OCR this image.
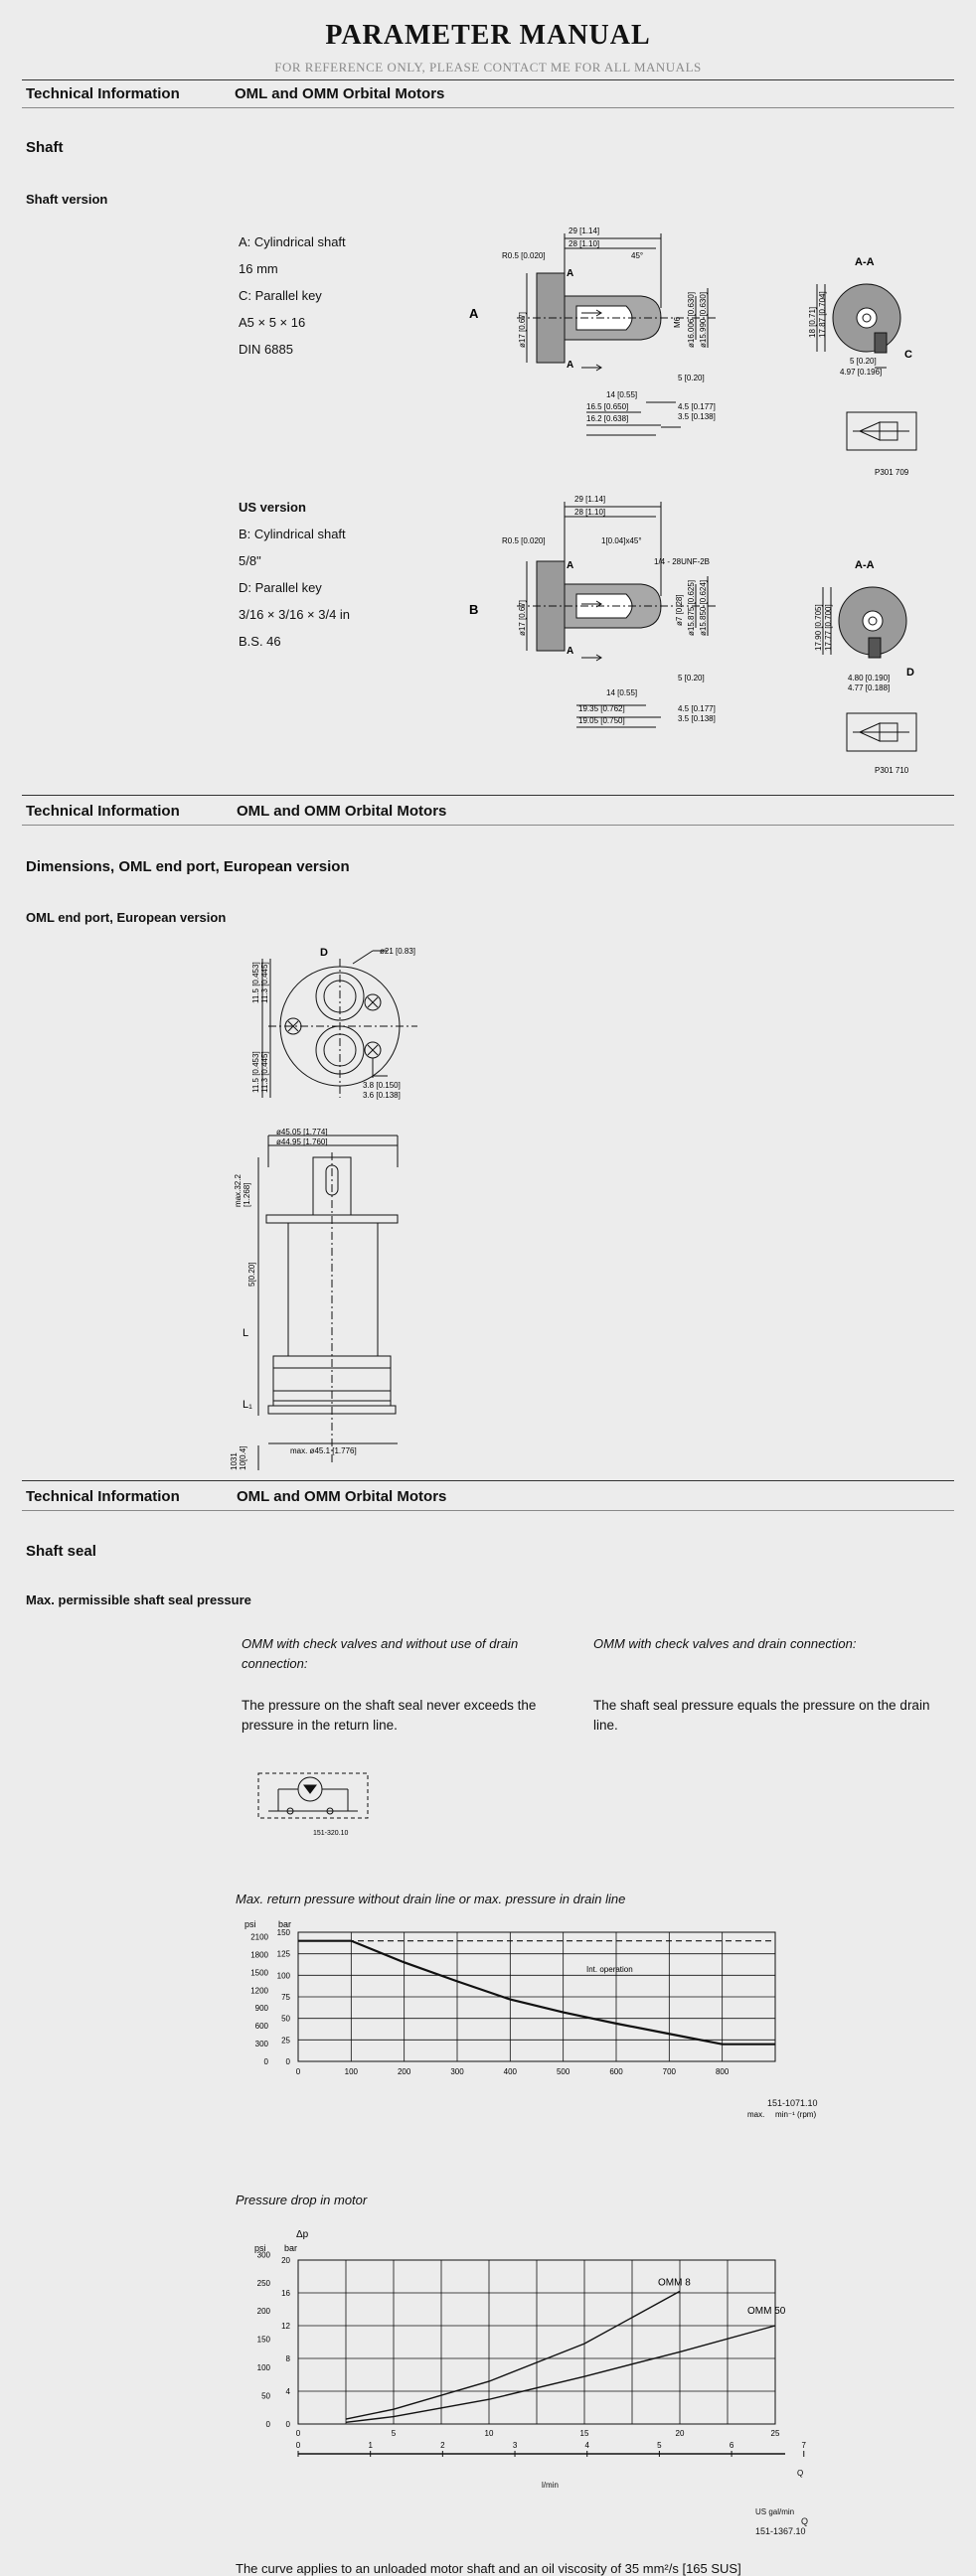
PARAMETER MANUAL
FOR REFERENCE ONLY, PLEASE CONTACT ME FOR ALL MANUALS
Technical Information	OML and OMM Orbital Motors
Shaft
Shaft version
A: Cylindrical shaft
16 mm
C: Parallel key
A5 × 5 × 16
DIN 6885
A
29 [1.14]
28 [1.10]
R0.5 [0.020]	45°
A
A
ø17 [0.67]	M6 ø16.006 [0.630] ø15.990 [0.630]
5 [0.20]
14 [0.55]
16.5 [0.650]
16.2 [0.638]
4.5 [0.177]
3.5 [0.138]
A-A
18 [0.71] 17.87 [0.704]
5 [0.20]
4.97 [0.196]
C
P301 709
US version
B: Cylindrical shaft
5/8"
D: Parallel key
3/16 × 3/16 × 3/4 in
B.S. 46
B
29 [1.14]
28 [1.10]
R0.5 [0.020]	1[0.04]x45°
1/4 - 28UNF-2B
A
A
ø17 [0.67]	ø7 [0.28] ø15.875 [0.625] ø15.850 [0.624]
5 [0.20]
14 [0.55]
19.35 [0.762]
19.05 [0.750]
4.5 [0.177]
3.5 [0.138]
A-A
17.90 [0.705] 17.77 [0.700]
4.80 [0.190]
4.77 [0.188]
D
P301 710
Technical Information	OML and OMM Orbital Motors
Dimensions, OML end port, European version
OML end port, European version
D	ø21 [0.83]
11.5 [0.453] 11.3 [0.445]
11.5 [0.453] 11.3 [0.445]	3.8 [0.150]
3.6 [0.138]
ø45.05 [1.774]
ø44.95 [1.760]
max.32.2 [1.268]
5[0.20]
L
L₁
max. ø45.1 [1.776]
1031 10[0.4]
Technical Information	OML and OMM Orbital Motors
Shaft seal
Max. permissible shaft seal pressure
OMM with check valves and without use of drain connection:
OMM with check valves and drain connection:
The pressure on the shaft seal never exceeds the pressure in the return line.
The shaft seal pressure equals the pressure on the drain line.
151-320.10
Max. return pressure without drain line or max. pressure in drain line
psi bar
Int. operation
max. min⁻¹ (rpm)
0	100	200	300	400	500	600	700	800
0
25
50
75
100
125
150
0
300
600
900
1200
1500
1800
2100
151-1071.10
Pressure drop in motor
Δp
psi bar
Q
0	5	10	15	20	25
0
4
8
12
16
20
0
50
100
150
200
250
300
0	1	2	3	4	5	6	7
OMM 8
OMM 50
l/min
US gal/min
Q
151-1367.10
The curve applies to an unloaded motor shaft and an oil viscosity of 35 mm²/s [165 SUS]
